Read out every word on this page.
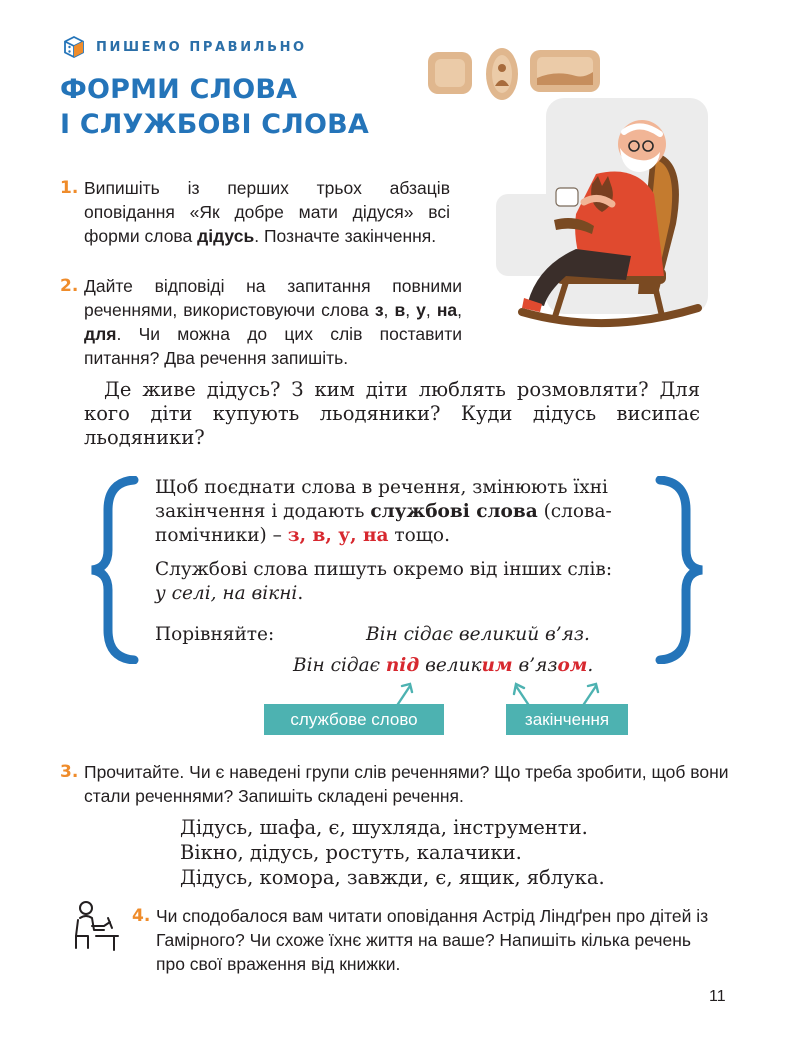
ПИШЕМО ПРАВИЛЬНО
ФОРМИ СЛОВА
І СЛУЖБОВІ СЛОВА
1. Випишіть із перших трьох абзаців оповідання «Як добре мати дідуся» всі форми слова дідусь. Позначте закінчення.

2. Дайте відповіді на запитання повними реченнями, використовуючи слова з, в, у, на, для. Чи можна до цих слів поставити питання? Два речення запишіть.

Де живе дідусь? З ким діти люблять розмовляти? Для кого діти купують льодяники? Куди дідусь висипає льодяники?

Щоб поєднати слова в речення, змінюють їхні закінчення і додають службові слова (слова-помічники) – з, в, у, на тощо.

Службові слова пишуть окремо від інших слів: у селі, на вікні.

Порівняйте:	Він сідає великий в’яз.
Він сідає під великим в’язом.
службове слово	закінчення
3. Прочитайте. Чи є наведені групи слів реченнями? Що треба зробити, щоб вони стали реченнями? Запишіть складені речення.

Дідусь, шафа, є, шухляда, інструменти.
Вікно, дідусь, ростуть, калачики.
Дідусь, комора, завжди, є, ящик, яблука.
4. Чи сподобалося вам читати оповідання Астрід Ліндґрен про дітей із Гамірного? Чи схоже їхнє життя на ваше? Напишіть кілька речень про свої враження від книжки.

11
